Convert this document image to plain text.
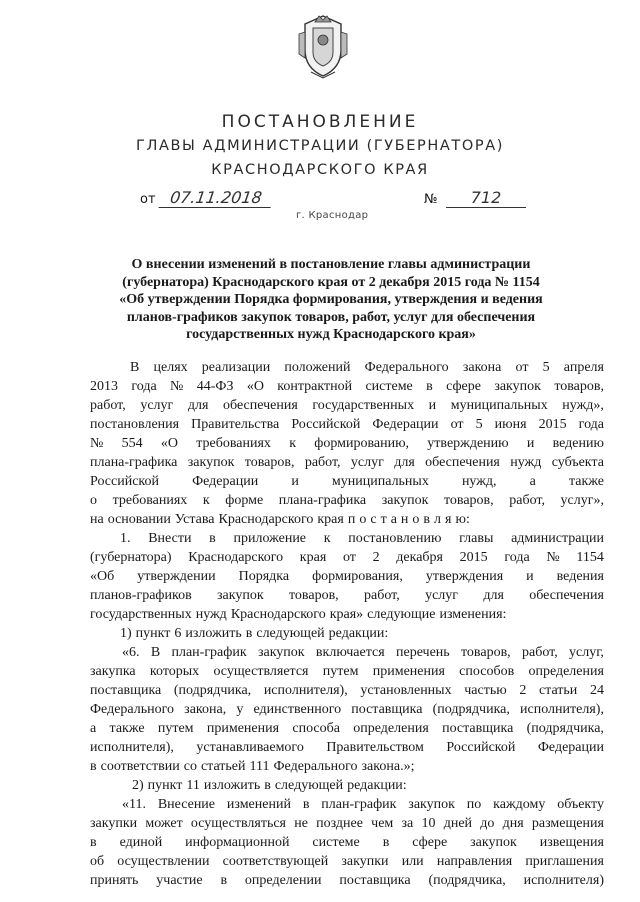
ПОСТАНОВЛЕНИЕ
ГЛАВЫ АДМИНИСТРАЦИИ (ГУБЕРНАТОРА)
КРАСНОДАРСКОГО КРАЯ
от 07.11.2018	№	712
г. Краснодар
О внесении изменений в постановление главы администрации
(губернатора) Краснодарского края от 2 декабря 2015 года № 1154
«Об утверждении Порядка формирования, утверждения и ведения
планов-графиков закупок товаров, работ, услуг для обеспечения
государственных нужд Краснодарского края»
В целях реализации положений Федерального закона от 5 апреля
2013 года № 44-ФЗ «О контрактной системе в сфере закупок товаров,
работ, услуг для обеспечения государственных и муниципальных нужд»,
постановления Правительства Российской Федерации от 5 июня 2015 года
№ 554 «О требованиях к формированию, утверждению и ведению
плана-графика закупок товаров, работ, услуг для обеспечения нужд субъекта
Российской Федерации и муниципальных нужд, а также
о требованиях к форме плана-графика закупок товаров, работ, услуг»,
на основании Устава Краснодарского края п о с т а н о в л я ю:
1. Внести в приложение к постановлению главы администрации
(губернатора) Краснодарского края от 2 декабря 2015 года № 1154
«Об утверждении Порядка формирования, утверждения и ведения
планов-графиков закупок товаров, работ, услуг для обеспечения
государственных нужд Краснодарского края» следующие изменения:
1) пункт 6 изложить в следующей редакции:
«6. В план-график закупок включается перечень товаров, работ, услуг,
закупка которых осуществляется путем применения способов определения
поставщика (подрядчика, исполнителя), установленных частью 2 статьи 24
Федерального закона, у единственного поставщика (подрядчика, исполнителя),
а также путем применения способа определения поставщика (подрядчика,
исполнителя), устанавливаемого Правительством Российской Федерации
в соответствии со статьей 111 Федерального закона.»;
2) пункт 11 изложить в следующей редакции:
«11. Внесение изменений в план-график закупок по каждому объекту
закупки может осуществляться не позднее чем за 10 дней до дня размещения
в единой информационной системе в сфере закупок извещения
об осуществлении соответствующей закупки или направления приглашения
принять участие в определении поставщика (подрядчика, исполнителя)
